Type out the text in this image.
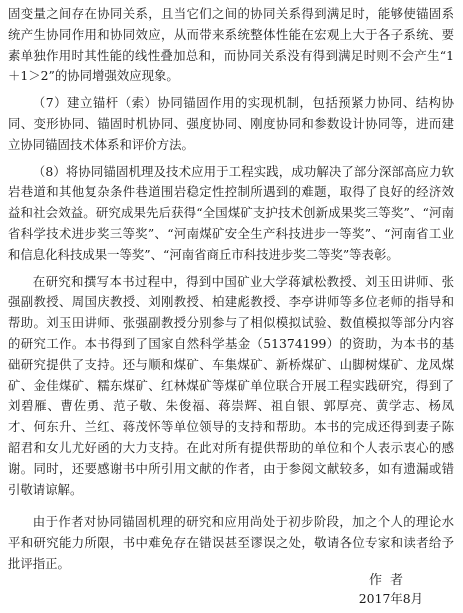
固变量之间存在协同关系，且当它们之间的协同关系得到满足时，能够使锚固系统产生协同作用和协同效应，从而带来系统整体性能在宏观上大于各子系统、要素单独作用时其性能的线性叠加总和，而协同关系没有得到满足时则不会产生“1＋1＞2”的协同增强效应现象。

（7）建立锚杆（索）协同锚固作用的实现机制，包括预紧力协同、结构协同、变形协同、锚固时机协同、强度协同、刚度协同和参数设计协同等，进而建立协同锚固技术体系和评价方法。

（8）将协同锚固机理及技术应用于工程实践，成功解决了部分深部高应力软岩巷道和其他复杂条件巷道围岩稳定性控制所遇到的难题，取得了良好的经济效益和社会效益。研究成果先后获得“全国煤矿支护技术创新成果奖三等奖”、“河南省科学技术进步奖三等奖”、“河南煤矿安全生产科技进步一等奖”、“河南省工业和信息化科技成果一等奖”、“河南省商丘市科技进步奖二等奖”等表彰。

在研究和撰写本书过程中，得到中国矿业大学蒋斌松教授、刘玉田讲师、张强副教授、周国庆教授、刘刚教授、柏建彪教授、李亭讲师等多位老师的指导和帮助。刘玉田讲师、张强副教授分别参与了相似模拟试验、数值模拟等部分内容的研究工作。本书得到了国家自然科学基金（51374199）的资助，为本书的基础研究提供了支持。还与顺和煤矿、车集煤矿、新桥煤矿、山脚树煤矿、龙凤煤矿、金佳煤矿、糯东煤矿、红林煤矿等煤矿单位联合开展工程实践研究，得到了刘碧雁、曹佐勇、范子敬、朱俊福、蒋崇辉、祖自银、郭厚亮、黄学志、杨凤才、何东升、兰红、蒋茂怀等单位领导的支持和帮助。本书的完成还得到妻子陈韶君和女儿尤好函的大力支持。在此对所有提供帮助的单位和个人表示衷心的感谢。同时，还要感谢书中所引用文献的作者，由于参阅文献较多，如有遗漏或错引敬请谅解。

由于作者对协同锚固机理的研究和应用尚处于初步阶段，加之个人的理论水平和研究能力所限，书中难免存在错误甚至谬误之处，敬请各位专家和读者给予批评指正。

作者
2017年8月
